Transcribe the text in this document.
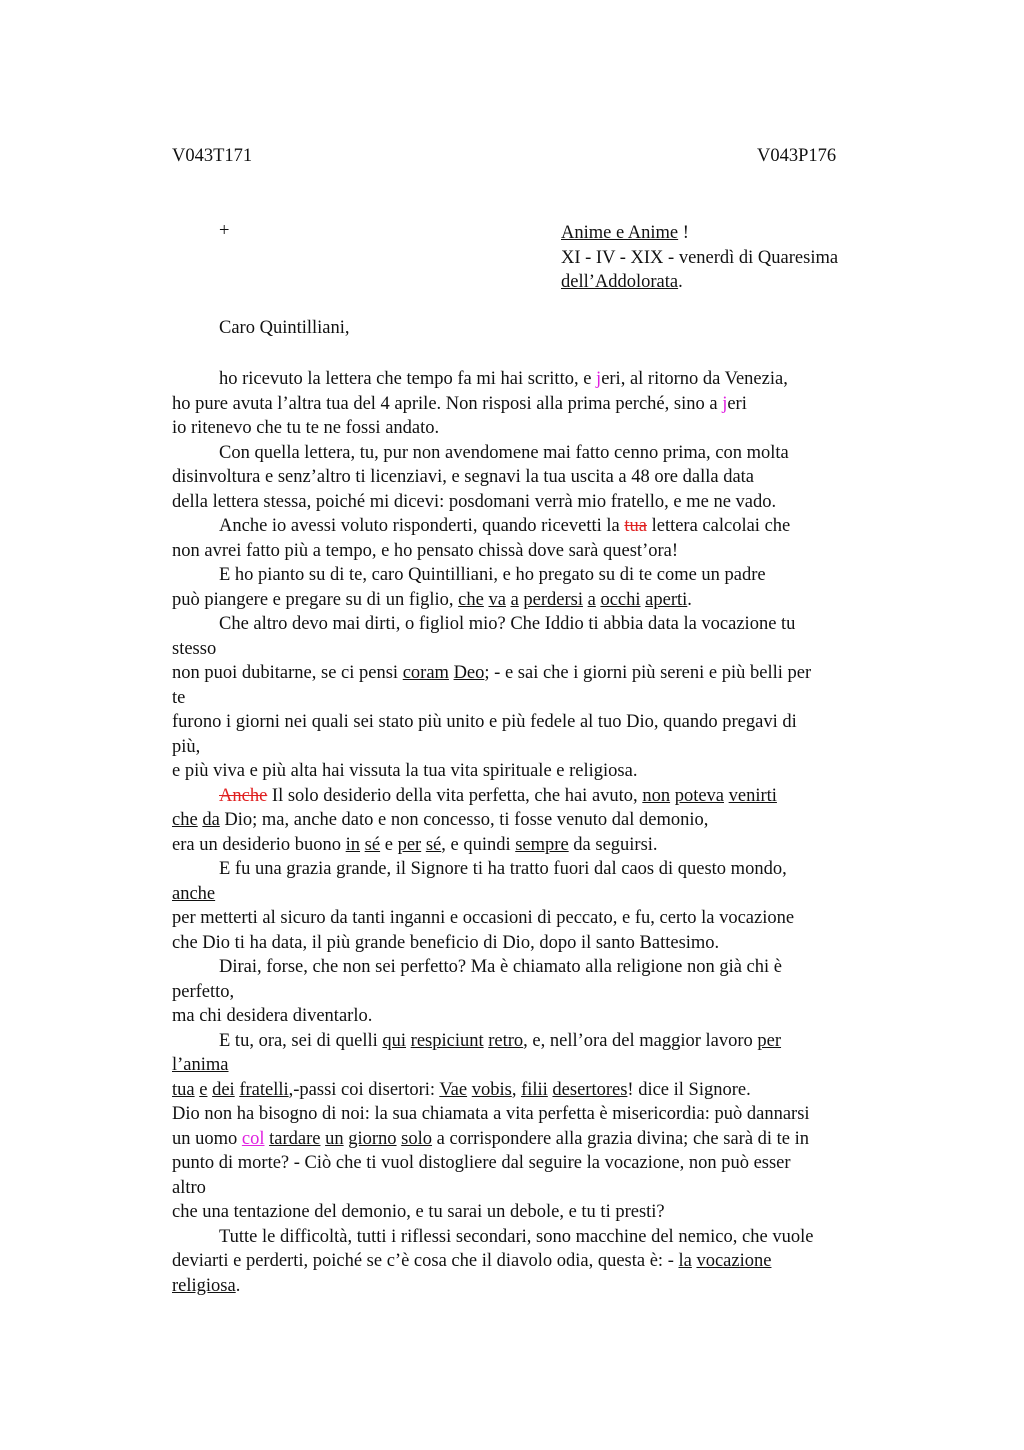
V043T171	V043P176
+	Anime e Anime !
XI - IV - XIX - venerdì di Quaresima
dell’Addolorata.
Caro Quintilliani,
ho ricevuto la lettera che tempo fa mi hai scritto, e jeri, al ritorno da Venezia,
ho pure avuta l’altra tua del 4 aprile. Non risposi alla prima perché, sino a jeri
io ritenevo che tu te ne fossi andato.
Con quella lettera, tu, pur non avendomene mai fatto cenno prima, con molta
disinvoltura e senz’altro ti licenziavi, e segnavi la tua uscita a 48 ore dalla data
della lettera stessa, poiché mi dicevi: posdomani verrà mio fratello, e me ne vado.
Anche io avessi voluto risponderti, quando ricevetti la tua lettera calcolai che
non avrei fatto più a tempo, e ho pensato chissà dove sarà quest’ora!
E ho pianto su di te, caro Quintilliani, e ho pregato su di te come un padre
può piangere e pregare su di un figlio, che va a perdersi a occhi aperti.
Che altro devo mai dirti, o figliol mio? Che Iddio ti abbia data la vocazione tu
stesso
non puoi dubitarne, se ci pensi coram Deo; - e sai che i giorni più sereni e più belli per
te
furono i giorni nei quali sei stato più unito e più fedele al tuo Dio, quando pregavi di
più,
e più viva e più alta hai vissuta la tua vita spirituale e religiosa.
Anche Il solo desiderio della vita perfetta, che hai avuto, non poteva venirti
che da Dio; ma, anche dato e non concesso, ti fosse venuto dal demonio,
era un desiderio buono in sé e per sé, e quindi sempre da seguirsi.
E fu una grazia grande, il Signore ti ha tratto fuori dal caos di questo mondo,
anche
per metterti al sicuro da tanti inganni e occasioni di peccato, e fu, certo la vocazione
che Dio ti ha data, il più grande beneficio di Dio, dopo il santo Battesimo.
Dirai, forse, che non sei perfetto? Ma è chiamato alla religione non già chi è
perfetto,
ma chi desidera diventarlo.
E tu, ora, sei di quelli qui respiciunt retro, e, nell’ora del maggior lavoro per
l’anima
tua e dei fratelli,-passi coi disertori: Vae vobis, filii desertores! dice il Signore.
Dio non ha bisogno di noi: la sua chiamata a vita perfetta è misericordia: può dannarsi
un uomo col tardare un giorno solo a corrispondere alla grazia divina; che sarà di te in
punto di morte? - Ciò che ti vuol distogliere dal seguire la vocazione, non può esser
altro
che una tentazione del demonio, e tu sarai un debole, e tu ti presti?
Tutte le difficoltà, tutti i riflessi secondari, sono macchine del nemico, che vuole
deviarti e perderti, poiché se c’è cosa che il diavolo odia, questa è: - la vocazione
religiosa.
